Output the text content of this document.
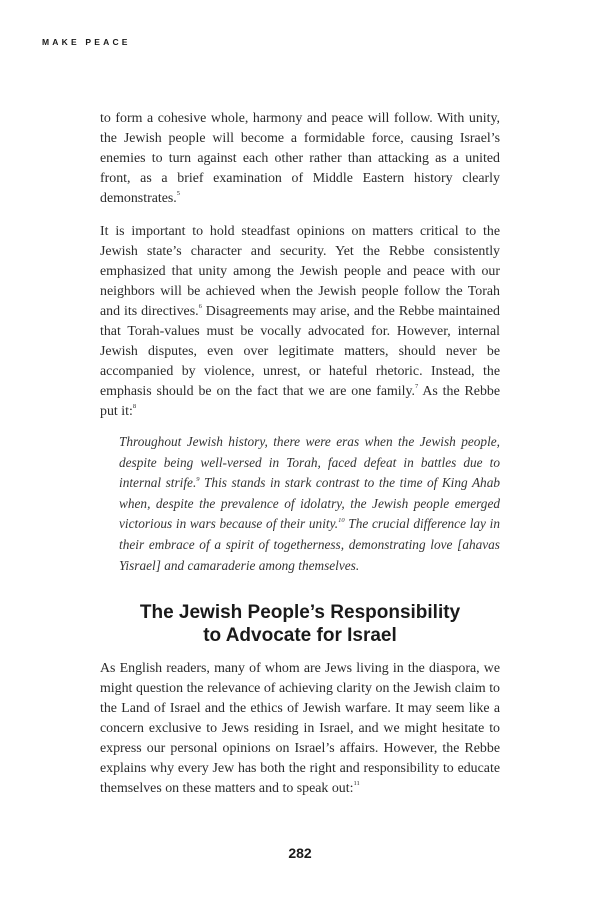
MAKE PEACE

to form a cohesive whole, harmony and peace will follow. With unity, the Jewish people will become a formidable force, causing Israel’s enemies to turn against each other rather than attacking as a united front, as a brief examination of Middle Eastern history clearly demonstrates.$^5$

It is important to hold steadfast opinions on matters critical to the Jewish state’s character and security. Yet the Rebbe consistently emphasized that unity among the Jewish people and peace with our neighbors will be achieved when the Jewish people follow the Torah and its directives.$^6$ Disagreements may arise, and the Rebbe maintained that Torah-values must be vocally advocated for. However, internal Jewish disputes, even over legitimate matters, should never be accompanied by violence, unrest, or hateful rhetoric. Instead, the emphasis should be on the fact that we are one family.$^7$ As the Rebbe put it:$^8$

Throughout Jewish history, there were eras when the Jewish people, despite being well-versed in Torah, faced defeat in battles due to internal strife.$^9$ This stands in stark contrast to the time of King Ahab when, despite the prevalence of idolatry, the Jewish people emerged victorious in wars because of their unity.$^{10}$ The crucial difference lay in their embrace of a spirit of togetherness, demonstrating love [ahavas Yisrael] and camaraderie among themselves.
The Jewish People’s Responsibility
to Advocate for Israel

As English readers, many of whom are Jews living in the diaspora, we might question the relevance of achieving clarity on the Jewish claim to the Land of Israel and the ethics of Jewish warfare. It may seem like a concern exclusive to Jews residing in Israel, and we might hesitate to express our personal opinions on Israel’s affairs. However, the Rebbe explains why every Jew has both the right and responsibility to educate themselves on these matters and to speak out:$^{11}$

282
